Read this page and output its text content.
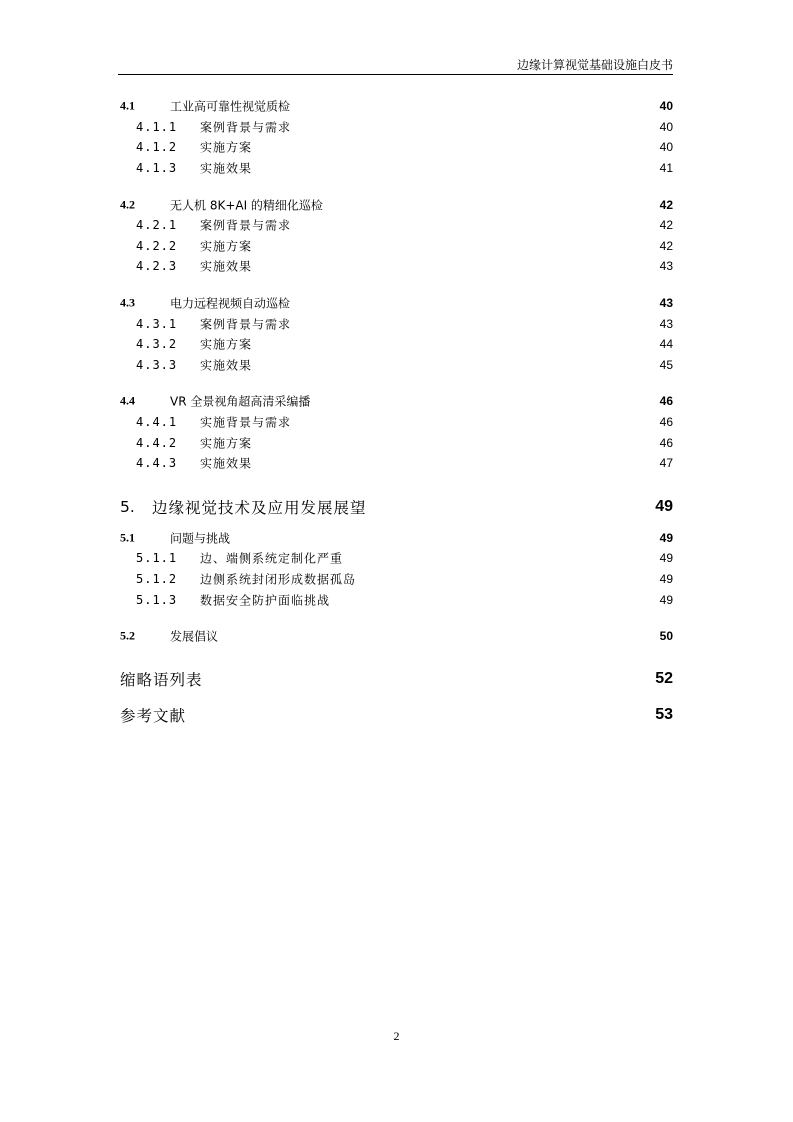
边缘计算视觉基础设施白皮书
4.1	工业高可靠性视觉质检	40
4.1.1 案例背景与需求	40
4.1.2 实施方案	40
4.1.3 实施效果	41
4.2	无人机 8K+AI 的精细化巡检	42
4.2.1 案例背景与需求	42
4.2.2 实施方案	42
4.2.3 实施效果	43
4.3	电力远程视频自动巡检	43
4.3.1 案例背景与需求	43
4.3.2 实施方案	44
4.3.3 实施效果	45
4.4	VR 全景视角超高清采编播	46
4.4.1 实施背景与需求	46
4.4.2 实施方案	46
4.4.3 实施效果	47
5. 边缘视觉技术及应用发展展望	49
5.1	问题与挑战	49
5.1.1 边、端侧系统定制化严重	49
5.1.2 边侧系统封闭形成数据孤岛	49
5.1.3 数据安全防护面临挑战	49
5.2	发展倡议	50
缩略语列表	52
参考文献	53
2
